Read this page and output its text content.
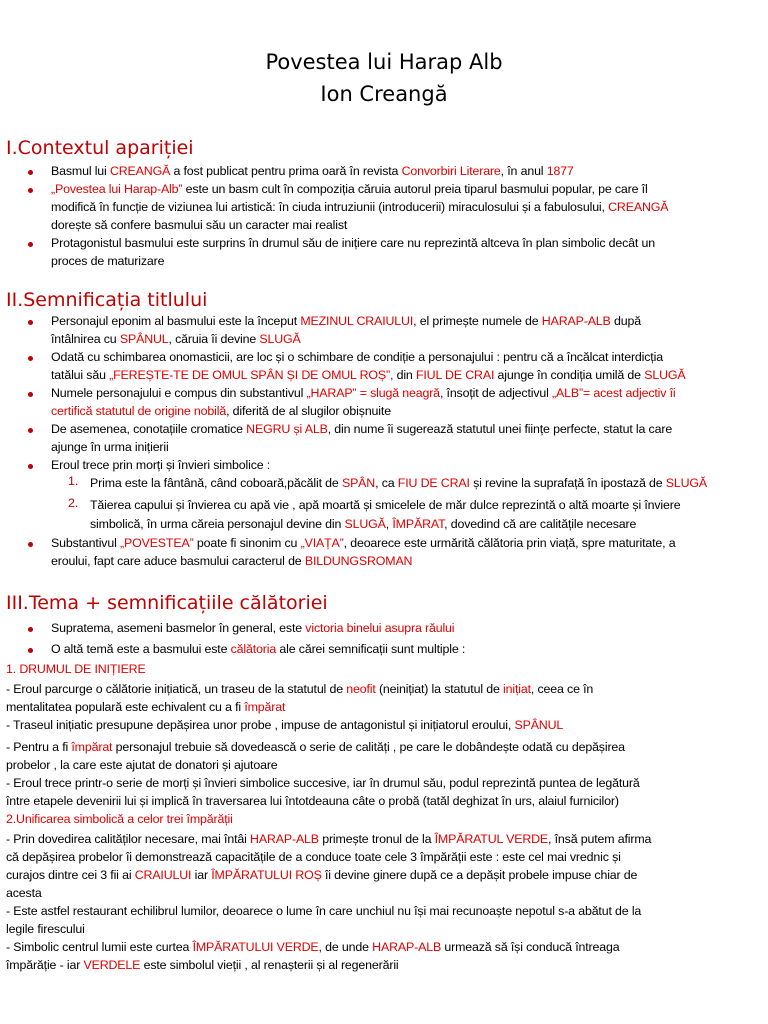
Povestea lui Harap Alb
Ion Creangă
I.Contextul apariției
II.Semnificația titlului
III.Tema + semnificațiile călătoriei
1.
2.
Basmul lui CREANGĂ a fost publicat pentru prima oară în revista Convorbiri Literare, în anul 1877
„Povestea lui Harap-Alb” este un basm cult în compoziția căruia autorul preia tiparul basmului popular, pe care îl
modifică în funcție de viziunea lui artistică: în ciuda intruziunii (introducerii) miraculosului și a fabulosului, CREANGĂ
dorește să confere basmului său un caracter mai realist
Protagonistul basmului este surprins în drumul său de inițiere care nu reprezintă altceva în plan simbolic decât un
proces de maturizare
Personajul eponim al basmului este la început MEZINUL CRAIULUI, el primește numele de HARAP-ALB după
întâlnirea cu SPÂNUL, căruia îi devine SLUGĂ
Odată cu schimbarea onomasticii, are loc și o schimbare de condiție a personajului : pentru că a încălcat interdicția
tatălui său „FEREȘTE-TE DE OMUL SPÂN ȘI DE OMUL ROȘ”, din FIUL DE CRAI ajunge în condiția umilă de SLUGĂ
Numele personajului e compus din substantivul „HARAP” = slugă neagră, însoțit de adjectivul „ALB”= acest adjectiv îi
certifică statutul de origine nobilă, diferită de al slugilor obișnuite
De asemenea, conotațiile cromatice NEGRU și ALB, din nume îi sugerează statutul unei ființe perfecte, statut la care
ajunge în urma inițierii
Eroul trece prin morți și învieri simbolice :
Prima este la fântână, când coboară,păcălit de SPÂN, ca FIU DE CRAI și revine la suprafață în ipostază de SLUGĂ
Tăierea capului și învierea cu apă vie , apă moartă și smicelele de măr dulce reprezintă o altă moarte și înviere
simbolică, în urma căreia personajul devine din SLUGĂ, ÎMPĂRAT, dovedind că are calitățile necesare
Substantivul „POVESTEA” poate fi sinonim cu „VIAȚA”, deoarece este urmărită călătoria prin viață, spre maturitate, a
eroului, fapt care aduce basmului caracterul de BILDUNGSROMAN
Supratema, asemeni basmelor în general, este victoria binelui asupra răului
O altă temă este a basmului este călătoria ale cărei semnificații sunt multiple :
1. DRUMUL DE INIȚIERE
- Eroul parcurge o călătorie inițiatică, un traseu de la statutul de neofit (neinițiat) la statutul de inițiat, ceea ce în
mentalitatea populară este echivalent cu a fi împărat
- Traseul inițiatic presupune depășirea unor probe , impuse de antagonistul și inițiatorul eroului, SPÂNUL
- Pentru a fi împărat personajul trebuie să dovedească o serie de calități , pe care le dobândește odată cu depășirea
probelor , la care este ajutat de donatori și ajutoare
- Eroul trece printr-o serie de morți și învieri simbolice succesive, iar în drumul său, podul reprezintă puntea de legătură
între etapele devenirii lui și implică în traversarea lui întotdeauna câte o probă (tatăl deghizat în urs, alaiul furnicilor)
2.Unificarea simbolică a celor trei împărății
- Prin dovedirea calităților necesare, mai întâi HARAP-ALB primește tronul de la ÎMPĂRATUL VERDE, însă putem afirma
că depășirea probelor îi demonstrează capacitățile de a conduce toate cele 3 împărății este : este cel mai vrednic și
curajos dintre cei 3 fii ai CRAIULUI iar ÎMPĂRATULUI ROȘ îi devine ginere după ce a depășit probele impuse chiar de
acesta
- Este astfel restaurant echilibrul lumilor, deoarece o lume în care unchiul nu își mai recunoaște nepotul s-a abătut de la
legile firescului
- Simbolic centrul lumii este curtea ÎMPĂRATULUI VERDE, de unde HARAP-ALB urmează să își conducă întreaga
împărăție - iar VERDELE este simbolul vieții , al renașterii și al regenerării
